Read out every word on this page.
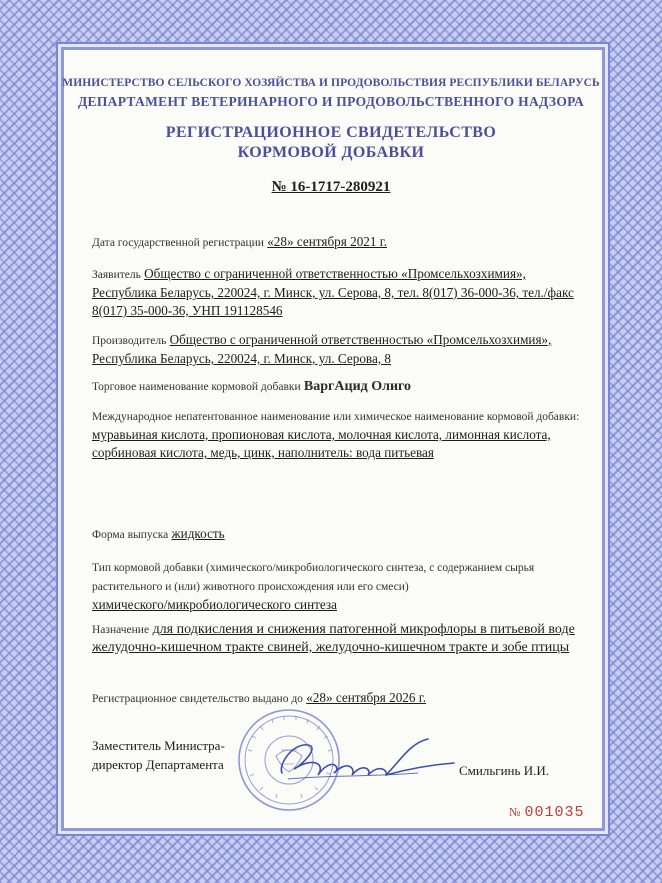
МИНИСТЕРСТВО СЕЛЬСКОГО ХОЗЯЙСТВА И ПРОДОВОЛЬСТВИЯ РЕСПУБЛИКИ БЕЛАРУСЬ
ДЕПАРТАМЕНТ ВЕТЕРИНАРНОГО И ПРОДОВОЛЬСТВЕННОГО НАДЗОРА
РЕГИСТРАЦИОННОЕ СВИДЕТЕЛЬСТВО
КОРМОВОЙ ДОБАВКИ
№ 16-1717-280921
Дата государственной регистрации «28» сентября 2021 г.
Заявитель Общество с ограниченной ответственностью «Промсельхозхимия», Республика Беларусь, 220024, г. Минск, ул. Серова, 8, тел. 8(017) 36-000-36, тел./факс 8(017) 35-000-36, УНП 191128546
Производитель Общество с ограниченной ответственностью «Промсельхозхимия», Республика Беларусь, 220024, г. Минск, ул. Серова, 8
Торговое наименование кормовой добавки ВаргАцид Олиго
Международное непатентованное наименование или химическое наименование кормовой добавки: муравьиная кислота, пропионовая кислота, молочная кислота, лимонная кислота, сорбиновая кислота, медь, цинк, наполнитель: вода питьевая
Форма выпуска жидкость
Тип кормовой добавки (химического/микробиологического синтеза, с содержанием сырья растительного и (или) животного происхождения или его смеси)
химического/микробиологического синтеза
Назначение для подкисления и снижения патогенной микрофлоры в питьевой воде желудочно-кишечном тракте свиней, желудочно-кишечном тракте и зобе птицы
Регистрационное свидетельство выдано до «28» сентября 2026 г.
Заместитель Министра-
директор Департамента	Смильгинь И.И.
№ 001035
